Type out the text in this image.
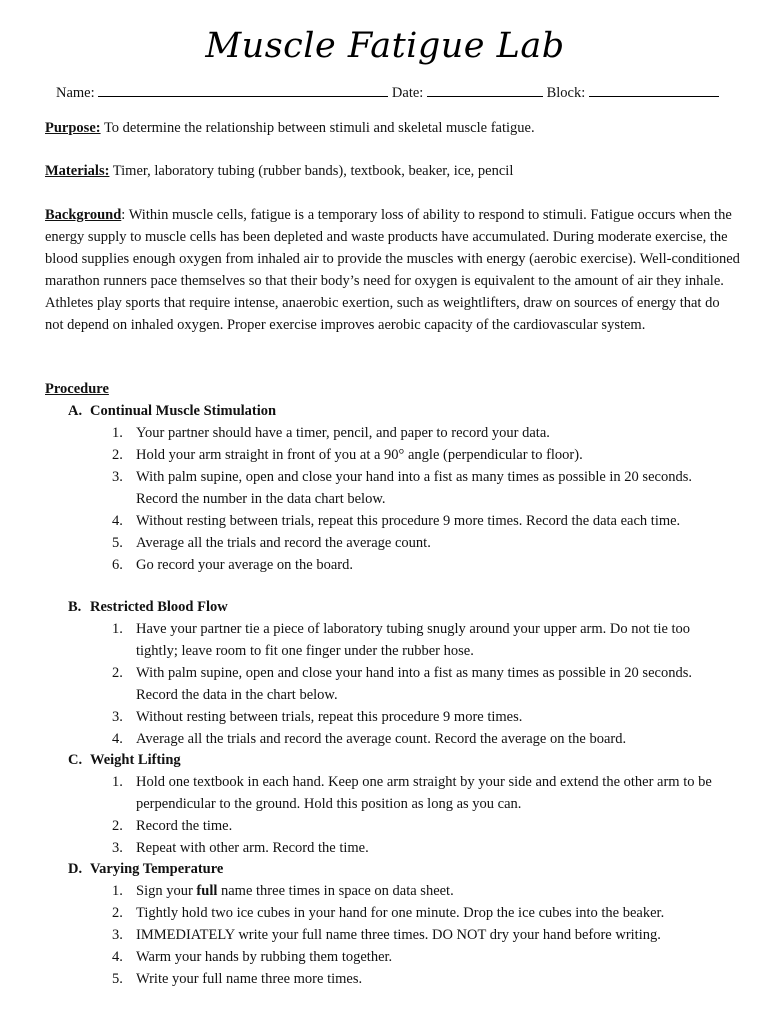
Muscle Fatigue Lab
Name:	Date:	Block:
Purpose: To determine the relationship between stimuli and skeletal muscle fatigue.
Materials: Timer, laboratory tubing (rubber bands), textbook, beaker, ice, pencil
Background: Within muscle cells, fatigue is a temporary loss of ability to respond to stimuli. Fatigue occurs when the energy supply to muscle cells has been depleted and waste products have accumulated. During moderate exercise, the blood supplies enough oxygen from inhaled air to provide the muscles with energy (aerobic exercise). Well-conditioned marathon runners pace themselves so that their body’s need for oxygen is equivalent to the amount of air they inhale. Athletes play sports that require intense, anaerobic exertion, such as weightlifters, draw on sources of energy that do not depend on inhaled oxygen. Proper exercise improves aerobic capacity of the cardiovascular system.
Procedure
A. Continual Muscle Stimulation
1. Your partner should have a timer, pencil, and paper to record your data.
2. Hold your arm straight in front of you at a 90° angle (perpendicular to floor).
3. With palm supine, open and close your hand into a fist as many times as possible in 20 seconds. Record the number in the data chart below.
4. Without resting between trials, repeat this procedure 9 more times. Record the data each time.
5. Average all the trials and record the average count.
6. Go record your average on the board.
B. Restricted Blood Flow
1. Have your partner tie a piece of laboratory tubing snugly around your upper arm. Do not tie too tightly; leave room to fit one finger under the rubber hose.
2. With palm supine, open and close your hand into a fist as many times as possible in 20 seconds. Record the data in the chart below.
3. Without resting between trials, repeat this procedure 9 more times.
4. Average all the trials and record the average count. Record the average on the board.
C. Weight Lifting
1. Hold one textbook in each hand. Keep one arm straight by your side and extend the other arm to be perpendicular to the ground. Hold this position as long as you can.
2. Record the time.
3. Repeat with other arm. Record the time.
D. Varying Temperature
1. Sign your full name three times in space on data sheet.
2. Tightly hold two ice cubes in your hand for one minute. Drop the ice cubes into the beaker.
3. IMMEDIATELY write your full name three times. DO NOT dry your hand before writing.
4. Warm your hands by rubbing them together.
5. Write your full name three more times.
